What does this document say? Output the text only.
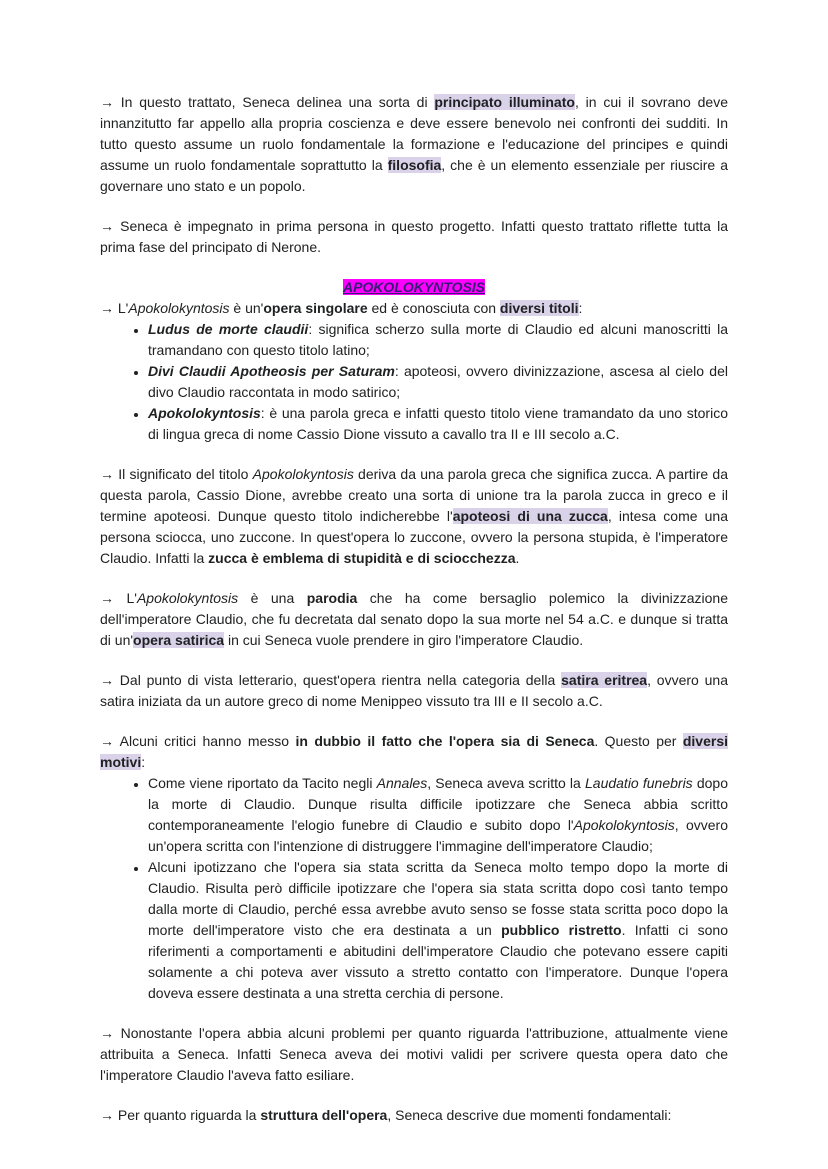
→ In questo trattato, Seneca delinea una sorta di principato illuminato, in cui il sovrano deve innanzitutto far appello alla propria coscienza e deve essere benevolo nei confronti dei sudditi. In tutto questo assume un ruolo fondamentale la formazione e l'educazione del principes e quindi assume un ruolo fondamentale soprattutto la filosofia, che è un elemento essenziale per riuscire a governare uno stato e un popolo.

→ Seneca è impegnato in prima persona in questo progetto. Infatti questo trattato riflette tutta la prima fase del principato di Nerone.

APOKOLOKYNTOSIS

→ L'Apokolokyntosis è un'opera singolare ed è conosciuta con diversi titoli:

• Ludus de morte claudii: significa scherzo sulla morte di Claudio ed alcuni manoscritti la tramandano con questo titolo latino;
• Divi Claudii Apotheosis per Saturam: apoteosi, ovvero divinizzazione, ascesa al cielo del divo Claudio raccontata in modo satirico;
• Apokolokyntosis: è una parola greca e infatti questo titolo viene tramandato da uno storico di lingua greca di nome Cassio Dione vissuto a cavallo tra II e III secolo a.C.

→ Il significato del titolo Apokolokyntosis deriva da una parola greca che significa zucca. A partire da questa parola, Cassio Dione, avrebbe creato una sorta di unione tra la parola zucca in greco e il termine apoteosi. Dunque questo titolo indicherebbe l'apoteosi di una zucca, intesa come una persona sciocca, uno zuccone. In quest'opera lo zuccone, ovvero la persona stupida, è l'imperatore Claudio. Infatti la zucca è emblema di stupidità e di sciocchezza.

→ L'Apokolokyntosis è una parodia che ha come bersaglio polemico la divinizzazione dell'imperatore Claudio, che fu decretata dal senato dopo la sua morte nel 54 a.C. e dunque si tratta di un'opera satirica in cui Seneca vuole prendere in giro l'imperatore Claudio.

→ Dal punto di vista letterario, quest'opera rientra nella categoria della satira eritrea, ovvero una satira iniziata da un autore greco di nome Menippeo vissuto tra III e II secolo a.C.

→ Alcuni critici hanno messo in dubbio il fatto che l'opera sia di Seneca. Questo per diversi motivi:

• Come viene riportato da Tacito negli Annales, Seneca aveva scritto la Laudatio funebris dopo la morte di Claudio. Dunque risulta difficile ipotizzare che Seneca abbia scritto contemporaneamente l'elogio funebre di Claudio e subito dopo l'Apokolokyntosis, ovvero un'opera scritta con l'intenzione di distruggere l'immagine dell'imperatore Claudio;
• Alcuni ipotizzano che l'opera sia stata scritta da Seneca molto tempo dopo la morte di Claudio. Risulta però difficile ipotizzare che l'opera sia stata scritta dopo così tanto tempo dalla morte di Claudio, perché essa avrebbe avuto senso se fosse stata scritta poco dopo la morte dell'imperatore visto che era destinata a un pubblico ristretto. Infatti ci sono riferimenti a comportamenti e abitudini dell'imperatore Claudio che potevano essere capiti solamente a chi poteva aver vissuto a stretto contatto con l'imperatore. Dunque l'opera doveva essere destinata a una stretta cerchia di persone.

→ Nonostante l'opera abbia alcuni problemi per quanto riguarda l'attribuzione, attualmente viene attribuita a Seneca. Infatti Seneca aveva dei motivi validi per scrivere questa opera dato che l'imperatore Claudio l'aveva fatto esiliare.

→ Per quanto riguarda la struttura dell'opera, Seneca descrive due momenti fondamentali:
